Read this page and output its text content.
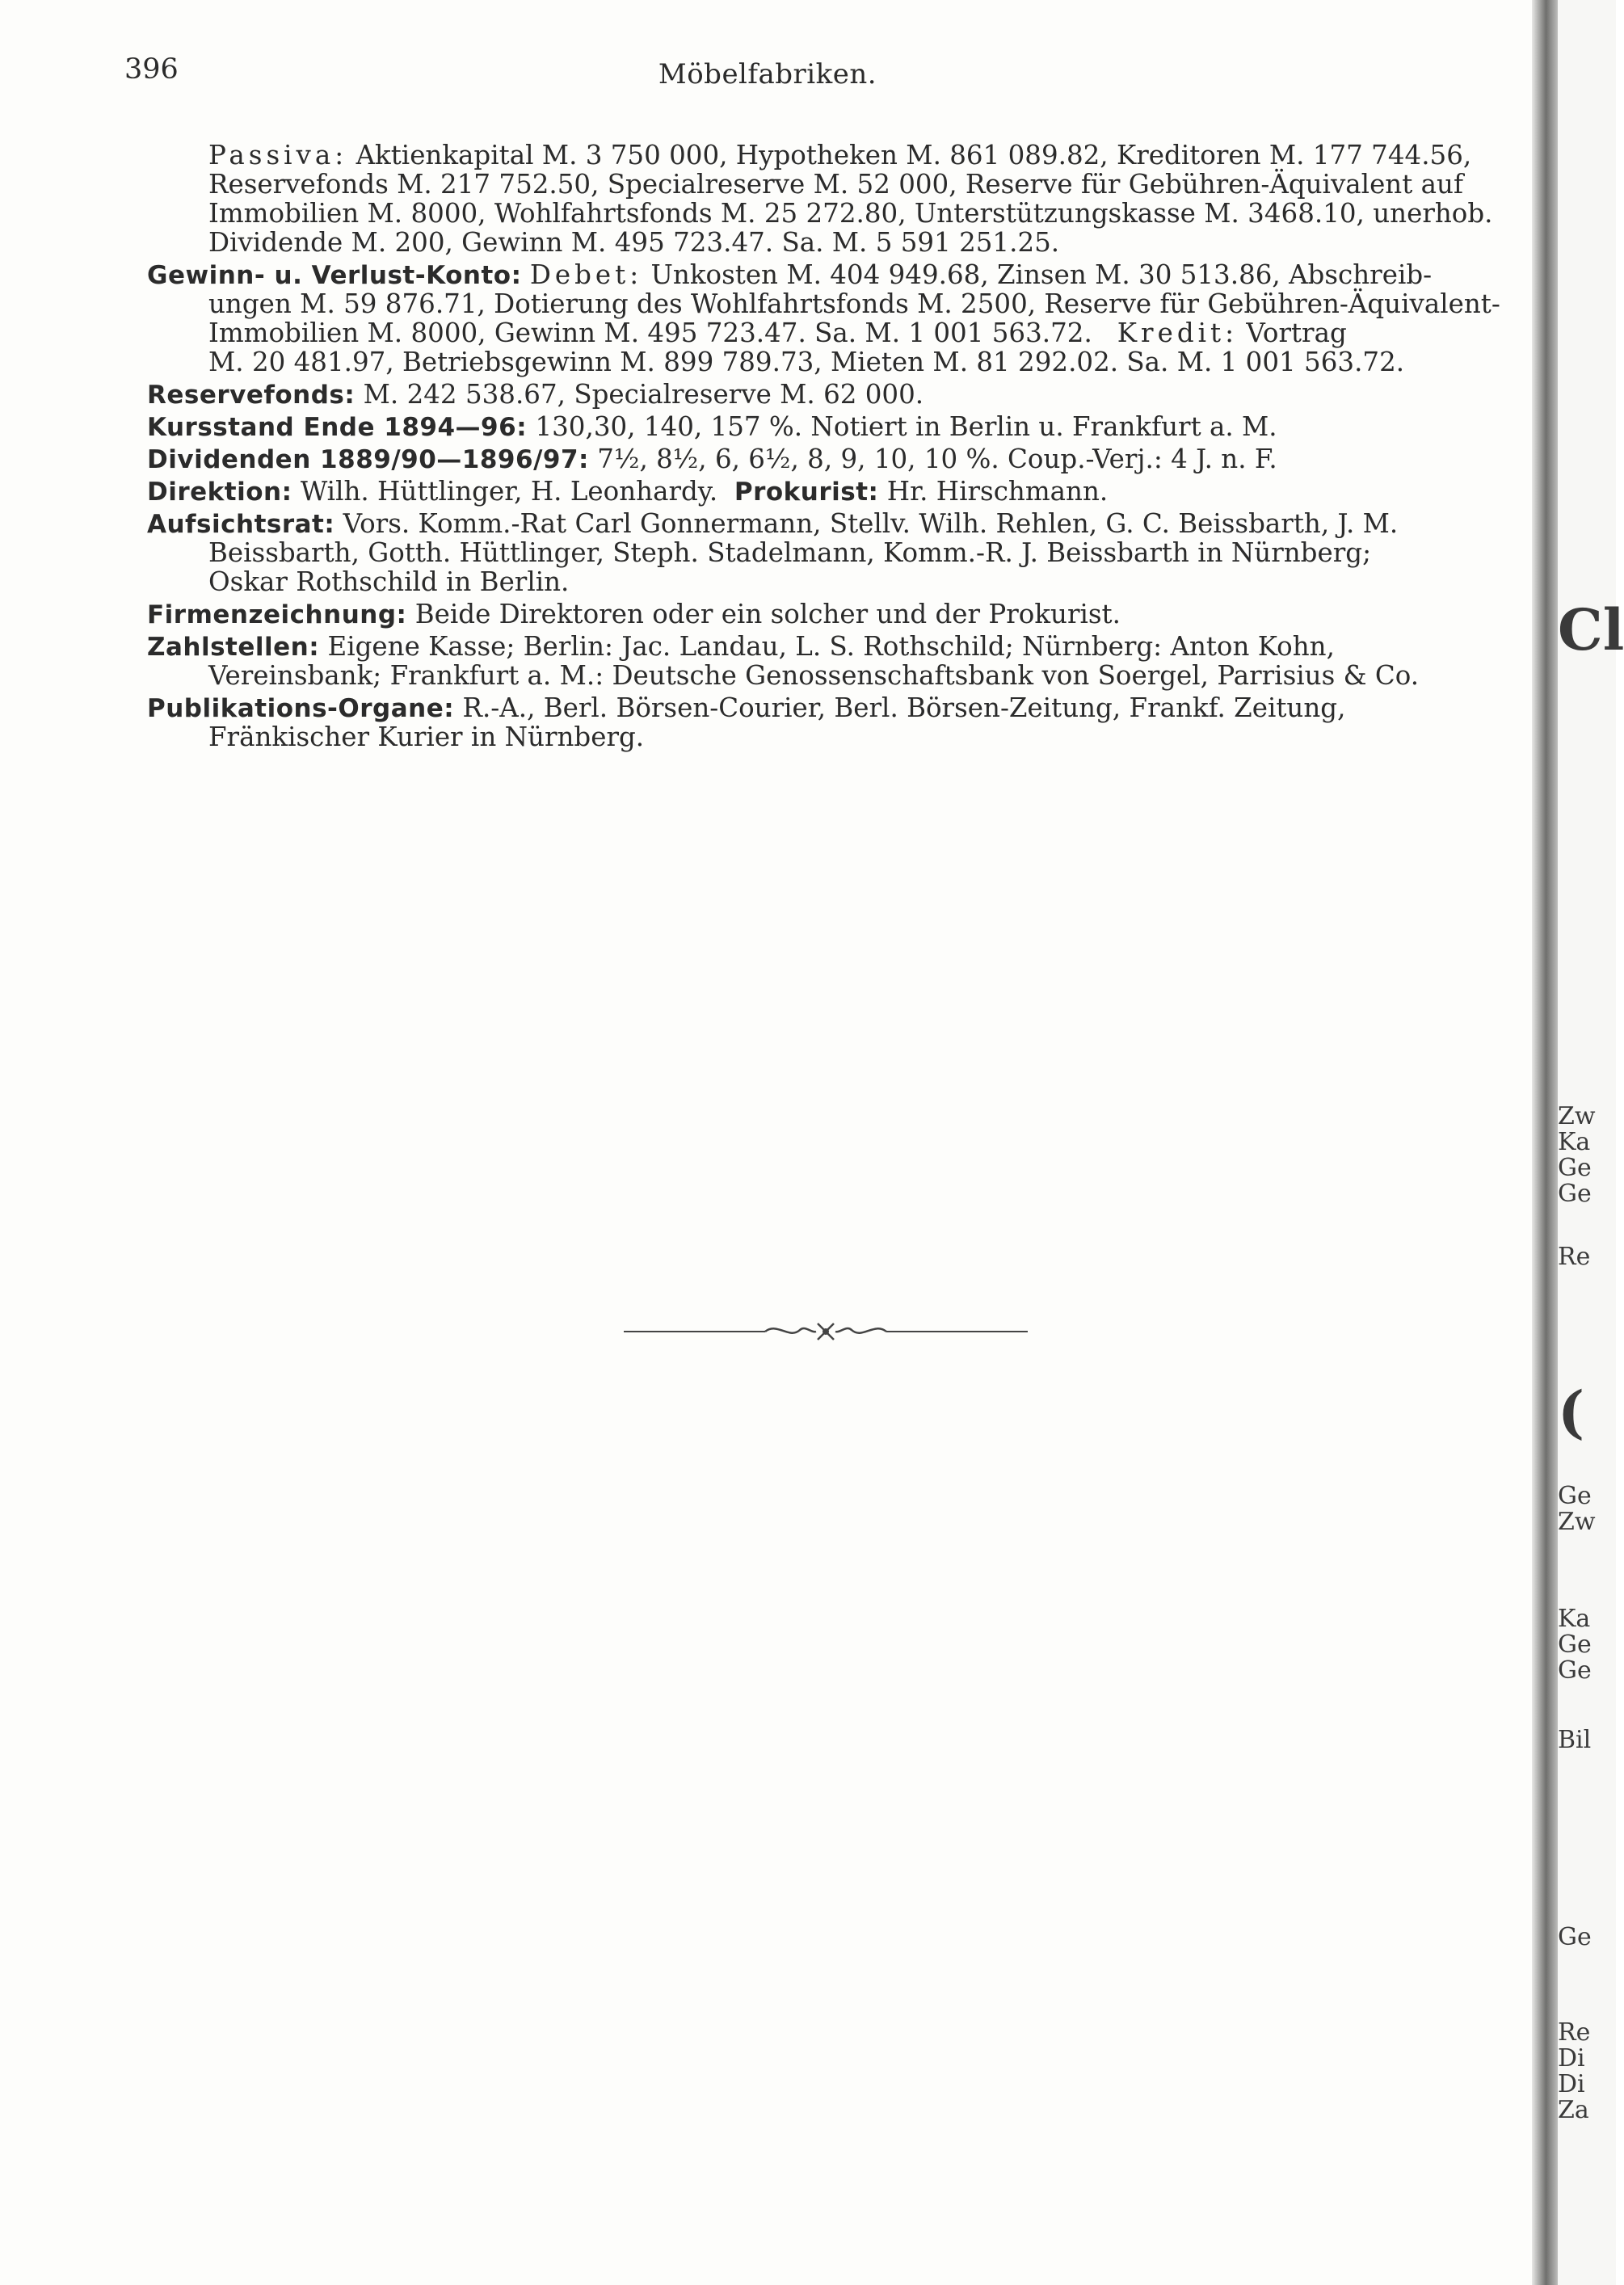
396	Möbelfabriken.
Passiva: Aktienkapital M. 3 750 000, Hypotheken M. 861 089.82, Kreditoren M. 177 744.56,
Reservefonds M. 217 752.50, Specialreserve M. 52 000, Reserve für Gebühren-Äquivalent auf
Immobilien M. 8000, Wohlfahrtsfonds M. 25 272.80, Unterstützungskasse M. 3468.10, unerhob.
Dividende M. 200, Gewinn M. 495 723.47. Sa. M. 5 591 251.25.
Gewinn- u. Verlust-Konto: Debet: Unkosten M. 404 949.68, Zinsen M. 30 513.86, Abschreib-
ungen M. 59 876.71, Dotierung des Wohlfahrtsfonds M. 2500, Reserve für Gebühren-Äquivalent-
Immobilien M. 8000, Gewinn M. 495 723.47. Sa. M. 1 001 563.72. Kredit: Vortrag
M. 20 481.97, Betriebsgewinn M. 899 789.73, Mieten M. 81 292.02. Sa. M. 1 001 563.72.
Reservefonds: M. 242 538.67, Specialreserve M. 62 000.
Kursstand Ende 1894—96: 130,30, 140, 157 %. Notiert in Berlin u. Frankfurt a. M.
Dividenden 1889/90—1896/97: 7½, 8½, 6, 6½, 8, 9, 10, 10 %. Coup.-Verj.: 4 J. n. F.
Direktion: Wilh. Hüttlinger, H. Leonhardy. Prokurist: Hr. Hirschmann.
Aufsichtsrat: Vors. Komm.-Rat Carl Gonnermann, Stellv. Wilh. Rehlen, G. C. Beissbarth, J. M.
Beissbarth, Gotth. Hüttlinger, Steph. Stadelmann, Komm.-R. J. Beissbarth in Nürnberg;
Oskar Rothschild in Berlin.
Firmenzeichnung: Beide Direktoren oder ein solcher und der Prokurist.
Zahlstellen: Eigene Kasse; Berlin: Jac. Landau, L. S. Rothschild; Nürnberg: Anton Kohn,
Vereinsbank; Frankfurt a. M.: Deutsche Genossenschaftsbank von Soergel, Parrisius & Co.
Publikations-Organe: R.-A., Berl. Börsen-Courier, Berl. Börsen-Zeitung, Frankf. Zeitung,
Fränkischer Kurier in Nürnberg.
Cl
Zw
Ka
Ge
Ge
Re
(
Ge
Zw
Ka
Ge
Ge
Bil
Ge
Re
Di
Di
Za
